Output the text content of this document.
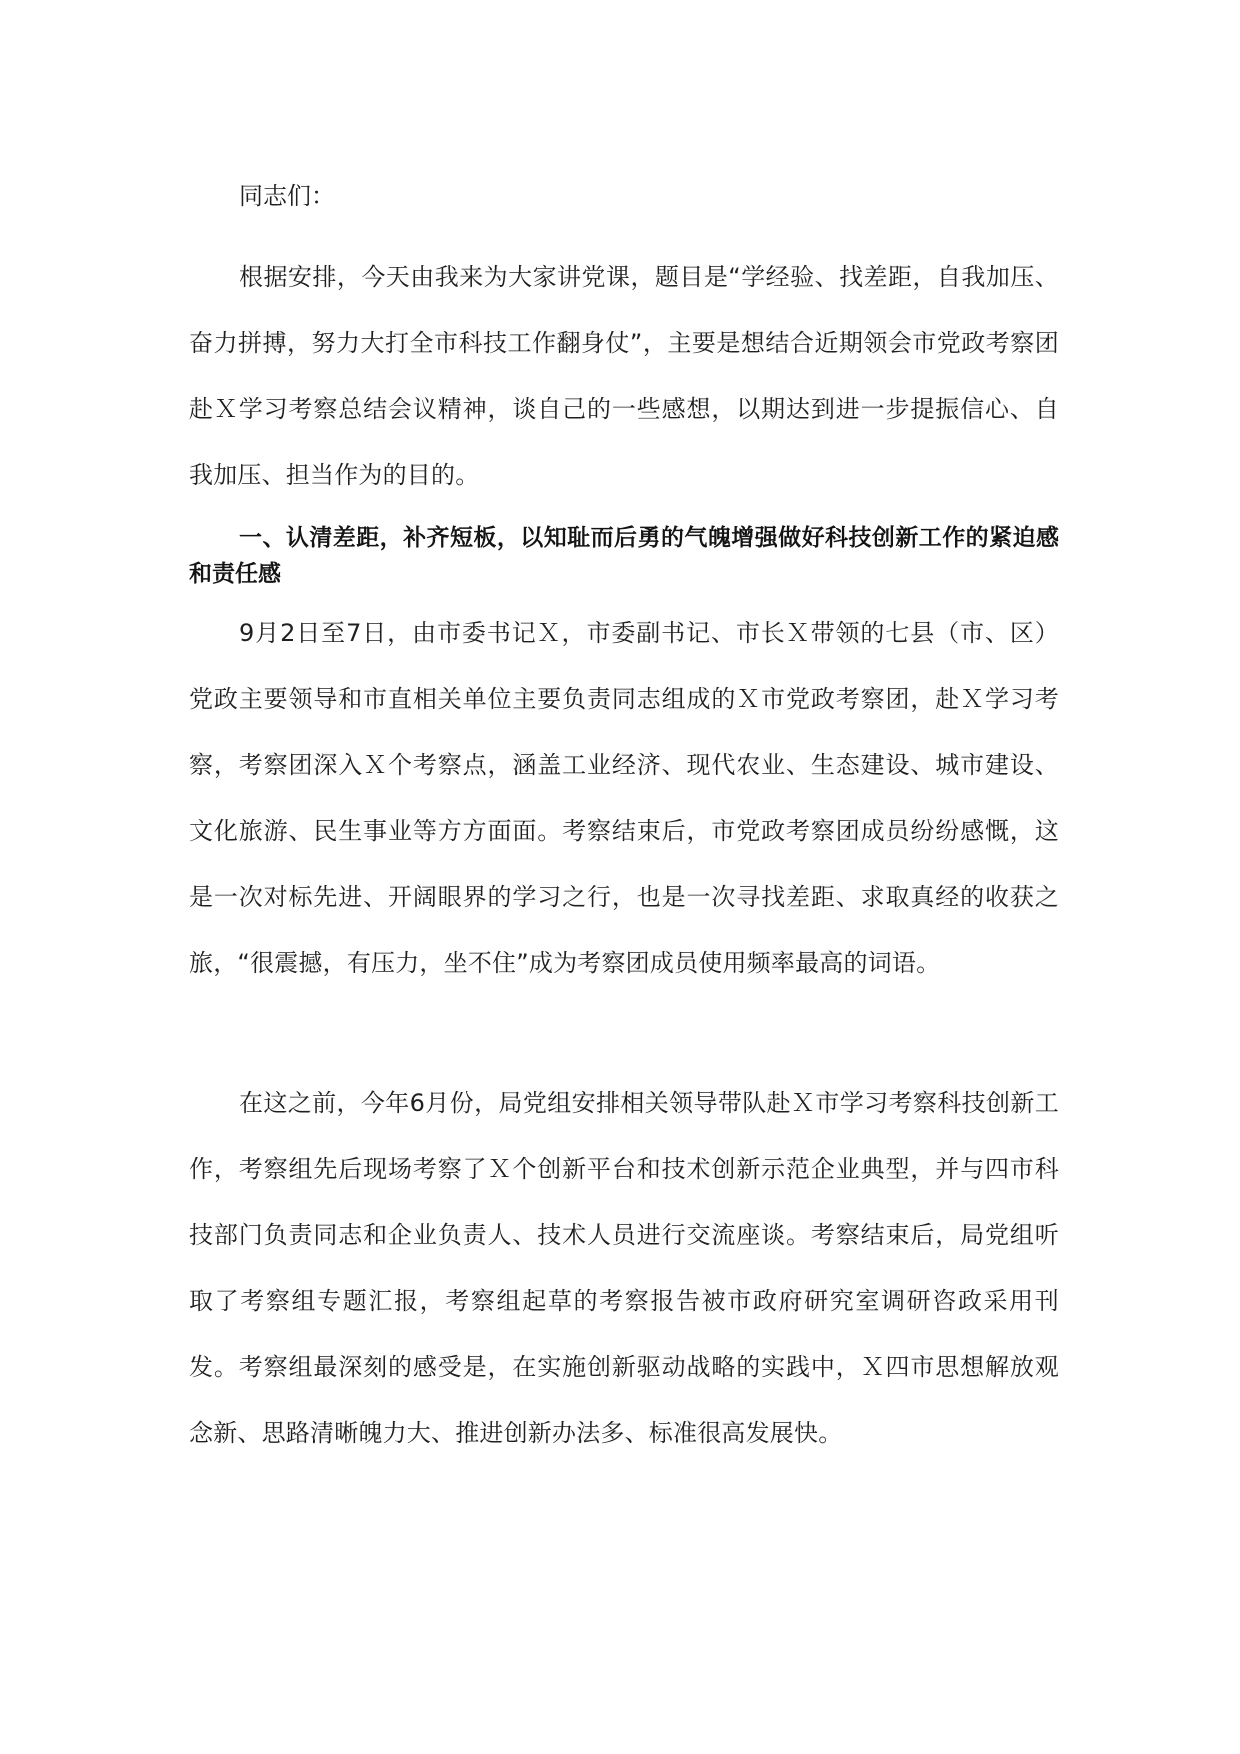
同志们：

根据安排，今天由我来为大家讲党课，题目是“学经验、找差距，自我加压、奋力拼搏，努力大打全市科技工作翻身仗”，主要是想结合近期领会市党政考察团赴Ｘ学习考察总结会议精神，谈自己的一些感想，以期达到进一步提振信心、自我加压、担当作为的目的。

一、认清差距，补齐短板，以知耻而后勇的气魄增强做好科技创新工作的紧迫感和责任感

9月2日至7日，由市委书记Ｘ，市委副书记、市长Ｘ带领的七县（市、区）党政主要领导和市直相关单位主要负责同志组成的Ｘ市党政考察团，赴Ｘ学习考察，考察团深入Ｘ个考察点，涵盖工业经济、现代农业、生态建设、城市建设、文化旅游、民生事业等方方面面。考察结束后，市党政考察团成员纷纷感慨，这是一次对标先进、开阔眼界的学习之行，也是一次寻找差距、求取真经的收获之旅，“很震撼，有压力，坐不住”成为考察团成员使用频率最高的词语。

在这之前，今年6月份，局党组安排相关领导带队赴Ｘ市学习考察科技创新工作，考察组先后现场考察了Ｘ个创新平台和技术创新示范企业典型，并与四市科技部门负责同志和企业负责人、技术人员进行交流座谈。考察结束后，局党组听取了考察组专题汇报，考察组起草的考察报告被市政府研究室调研咨政采用刊发。考察组最深刻的感受是，在实施创新驱动战略的实践中，Ｘ四市思想解放观念新、思路清晰魄力大、推进创新办法多、标准很高发展快。
